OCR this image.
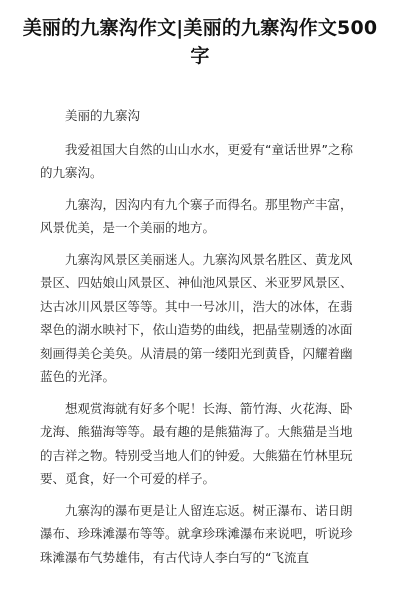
美丽的九寨沟作文|美丽的九寨沟作文500字

美丽的九寨沟

我爱祖国大自然的山山水水，更爱有“童话世界”之称的九寨沟。

九寨沟，因沟内有九个寨子而得名。那里物产丰富，风景优美，是一个美丽的地方。

九寨沟风景区美丽迷人。九寨沟风景名胜区、黄龙风景区、四姑娘山风景区、神仙池风景区、米亚罗风景区、达古冰川风景区等等。其中一号冰川，浩大的冰体，在翡翠色的湖水映衬下，依山造势的曲线，把晶莹剔透的冰面刻画得美仑美奂。从清晨的第一缕阳光到黄昏，闪耀着幽蓝色的光泽。

想观赏海就有好多个呢！长海、箭竹海、火花海、卧龙海、熊猫海等等。最有趣的是熊猫海了。大熊猫是当地的吉祥之物。特别受当地人们的钟爱。大熊猫在竹林里玩要、觅食，好一个可爱的样子。

九寨沟的瀑布更是让人留连忘返。树正瀑布、诺日朗瀑布、珍珠滩瀑布等等。就拿珍珠滩瀑布来说吧，听说珍珠滩瀑布气势雄伟，有古代诗人李白写的“飞流直
